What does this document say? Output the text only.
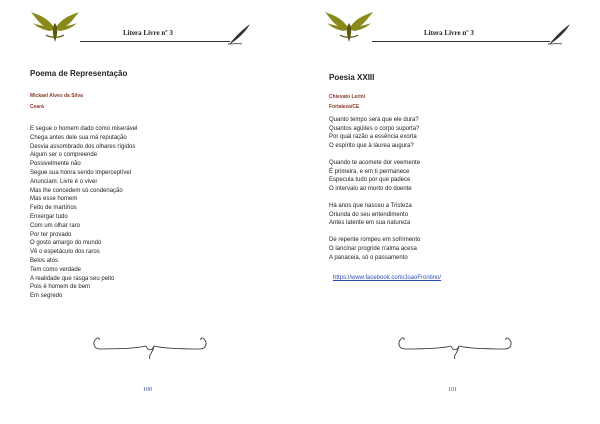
Litera Livre nº 3
Poema de Representação

Mickael Alves da Silva

Ceará

E segue o homem dado como miserável
Chega antes dele sua má reputação
Desvia assombrado dos olhares rígidos
Algum ser o compreende
Possivelmente não
Segue sua honra sendo imperceptível
Anunciam: Livre é o viver
Mas lhe concedem só condenação
Mas esse homem
Feito de martírios
Enxergar tudo
Com um olhar raro
Por ter provado
O gosto amargo do mundo
Vê o espetáculo dos raros
Belos atos
Tem como verdade
A realidade que rasga seu peito
Pois é homem de bem
Em segredo
100
Litera Livre nº 3
Poesia XXIII

Chievato Lerini

Fortaleza/CE

Quanto tempo será que ele dura?
Quantos agüites o corpo suporta?
Por qual razão a essência exorta
O espírito que à láurea augura?
Quando te acomete dor veemente
É primeira, e em ti permanece
Especula tudo por que padece
O intervalo ao morto do doente
Há anos que nasceu a Tristeza
Oriunda do seu entendimento
Antes latente em sua natureza
De repente rompeu em sofrimento
O lancinar progride n'alma acesa
A panaceia, só o passamento
https://www.facebook.com/JoaoFrontino/
101
